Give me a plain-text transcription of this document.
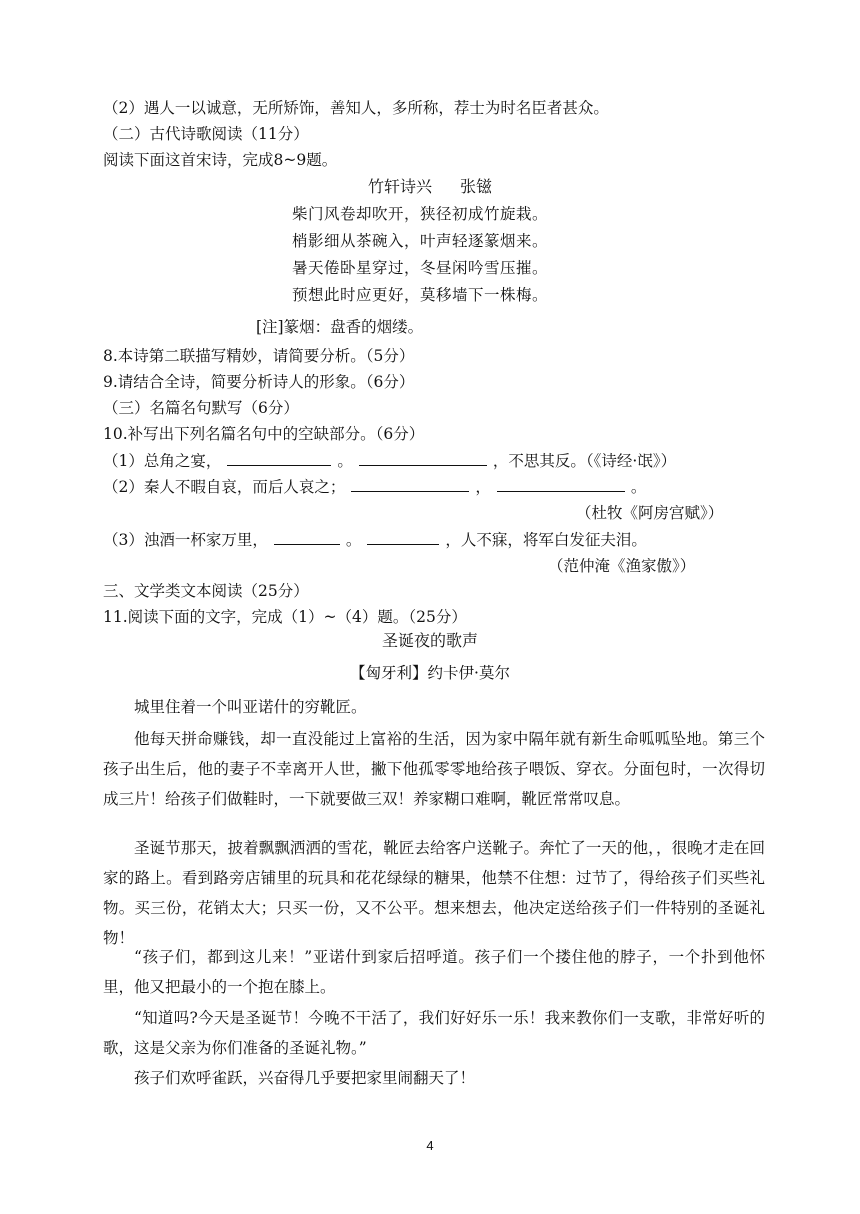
（2）遇人一以诚意，无所矫饰，善知人，多所称，荐士为时名臣者甚众。
（二）古代诗歌阅读（11分）
阅读下面这首宋诗，完成8~9题。
竹轩诗兴 张镃
柴门风卷却吹开，狭径初成竹旋栽。
梢影细从茶碗入，叶声轻逐篆烟来。
暑天倦卧星穿过，冬昼闲吟雪压摧。
预想此时应更好，莫移墙下一株梅。
[注]篆烟：盘香的烟缕。
8.本诗第二联描写精妙，请简要分析。（5分）
9.请结合全诗，简要分析诗人的形象。（6分）
（三）名篇名句默写（6分）
10.补写出下列名篇名句中的空缺部分。（6分）
（1）总角之宴，	。	，不思其反。（《诗经·氓》）
（2）秦人不暇自哀，而后人哀之；	，	。
（杜牧《阿房宫赋》）
（3）浊酒一杯家万里，	。	，人不寐，将军白发征夫泪。
（范仲淹《渔家傲》）
三、文学类文本阅读（25分）
11.阅读下面的文字，完成（1）~（4）题。（25分）
圣诞夜的歌声
【匈牙利】约卡伊·莫尔
城里住着一个叫亚诺什的穷靴匠。
他每天拼命赚钱，却一直没能过上富裕的生活，因为家中隔年就有新生命呱呱坠地。第三个孩子出生后，他的妻子不幸离开人世，撇下他孤零零地给孩子喂饭、穿衣。分面包时，一次得切成三片！给孩子们做鞋时，一下就要做三双！养家糊口难啊，靴匠常常叹息。
圣诞节那天，披着飘飘洒洒的雪花，靴匠去给客户送靴子。奔忙了一天的他，，很晚才走在回家的路上。看到路旁店铺里的玩具和花花绿绿的糖果，他禁不住想：过节了，得给孩子们买些礼物。买三份，花销太大；只买一份，又不公平。想来想去，他决定送给孩子们一件特别的圣诞礼物！
“孩子们，都到这儿来！”亚诺什到家后招呼道。孩子们一个搂住他的脖子，一个扑到他怀里，他又把最小的一个抱在膝上。
“知道吗?今天是圣诞节！今晚不干活了，我们好好乐一乐！我来教你们一支歌，非常好听的歌，这是父亲为你们准备的圣诞礼物。”
孩子们欢呼雀跃，兴奋得几乎要把家里闹翻天了！
4
